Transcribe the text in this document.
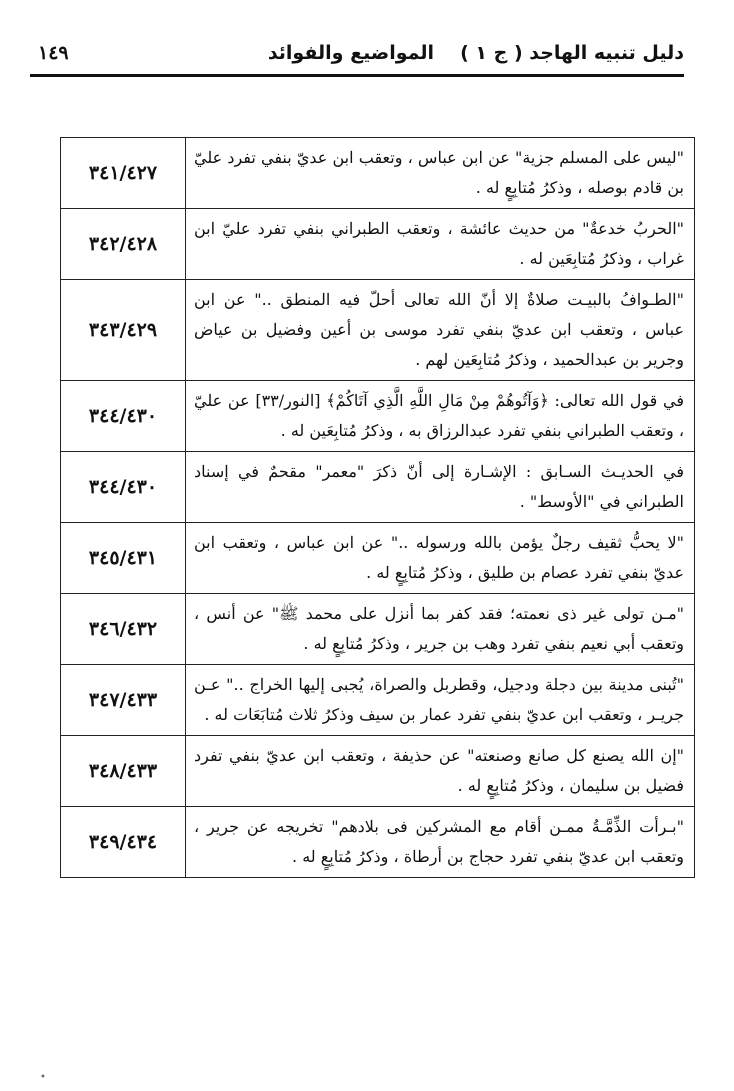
دليل تنبيه الهاجد ( ج ١ )
المواضيع والفوائد
١٤٩
"ليس على المسلم جزية" عن ابن عباس ، وتعقب ابن عديّ بنفي تفرد عليّ بن قادم بوصله ، وذكرُ مُتابِعٍ له .	٣٤١/٤٢٧
"الحربُ خدعةٌ" من حديث عائشة ، وتعقب الطبراني بنفي تفرد عليّ ابن غراب ، وذكرُ مُتابِعَين له .	٣٤٢/٤٢٨
"الطـوافُ بالبيـت صلاةٌ إلا أنّ الله تعالى أحلّ فيه المنطق .." عن ابن عباس ، وتعقب ابن عديّ بنفي تفرد موسى بن أعين وفضيل بن عياض وجرير بن عبدالحميد ، وذكرُ مُتابِعَين لهم .	٣٤٣/٤٢٩
في قول الله تعالى: ﴿وَآتُوهُمْ مِنْ مَالِ اللَّهِ الَّذِي آتَاكُمْ﴾ [النور/٣٣] عن عليّ ، وتعقب الطبراني بنفي تفرد عبدالرزاق به ، وذكرُ مُتابِعَين له .	٣٤٤/٤٣٠
في الحديـث السـابق : الإشـارة إلى أنّ ذكرَ "معمر" مقحمٌ في إسناد الطبراني في "الأوسط" .	٣٤٤/٤٣٠
"لا يحبُّ ثقيف رجلٌ يؤمن بالله ورسوله .." عن ابن عباس ، وتعقب ابن عديّ بنفي تفرد عصام بن طليق ، وذكرُ مُتابِعٍ له .	٣٤٥/٤٣١
"مـن تولى غير ذى نعمته؛ فقد كفر بما أنزل على محمد ﷺ" عن أنس ، وتعقب أبي نعيم بنفي تفرد وهب بن جرير ، وذكرُ مُتابِعٍ له .	٣٤٦/٤٣٢
"تُبنى مدينة بين دجلة ودجيل، وقطربل والصراة، يُجبى إليها الخراج .." عـن جريـر ، وتعقب ابن عديّ بنفي تفرد عمار بن سيف وذكرُ ثلاث مُتابَعَات له .	٣٤٧/٤٣٣
"إن الله يصنع كل صانع وصنعته" عن حذيفة ، وتعقب ابن عديّ بنفي تفرد فضيل بن سليمان ، وذكرُ مُتابِعٍ له .	٣٤٨/٤٣٣
"بـرأت الذِّمَّـةُ ممـن أقام مع المشركين فى بلادهم" تخريجه عن جرير ، وتعقب ابن عديّ بنفي تفرد حجاج بن أرطاة ، وذكرُ مُتابِعٍ له .	٣٤٩/٤٣٤
•
